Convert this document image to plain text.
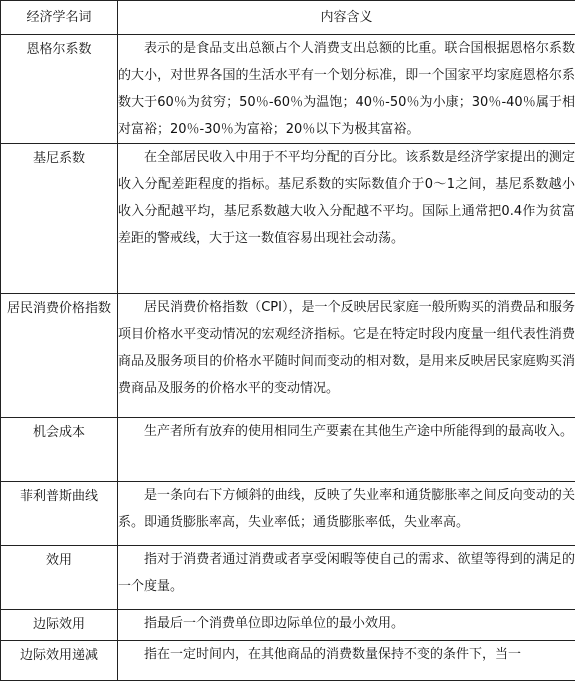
经济学名词	内容含义
恩格尔系数	表示的是食品支出总额占个人消费支出总额的比重。联合国根据恩格尔系数的大小，对世界各国的生活水平有一个划分标准，即一个国家平均家庭恩格尔系数大于60％为贫穷；50％-60％为温饱；40％-50％为小康；30％-40％属于相对富裕；20％-30％为富裕；20％以下为极其富裕。
基尼系数	在全部居民收入中用于不平均分配的百分比。该系数是经济学家提出的测定收入分配差距程度的指标。基尼系数的实际数值介于0～1之间，基尼系数越小收入分配越平均，基尼系数越大收入分配越不平均。国际上通常把0.4作为贫富差距的警戒线，大于这一数值容易出现社会动荡。
居民消费价格指数	居民消费价格指数（CPI），是一个反映居民家庭一般所购买的消费品和服务项目价格水平变动情况的宏观经济指标。它是在特定时段内度量一组代表性消费商品及服务项目的价格水平随时间而变动的相对数，是用来反映居民家庭购买消费商品及服务的价格水平的变动情况。
机会成本	生产者所有放弃的使用相同生产要素在其他生产途中所能得到的最高收入。
菲利普斯曲线	是一条向右下方倾斜的曲线，反映了失业率和通货膨胀率之间反向变动的关系。即通货膨胀率高，失业率低；通货膨胀率低，失业率高。
效用	指对于消费者通过消费或者享受闲暇等使自己的需求、欲望等得到的满足的一个度量。
边际效用	指最后一个消费单位即边际单位的最小效用。
边际效用递减	指在一定时间内，在其他商品的消费数量保持不变的条件下，当一
